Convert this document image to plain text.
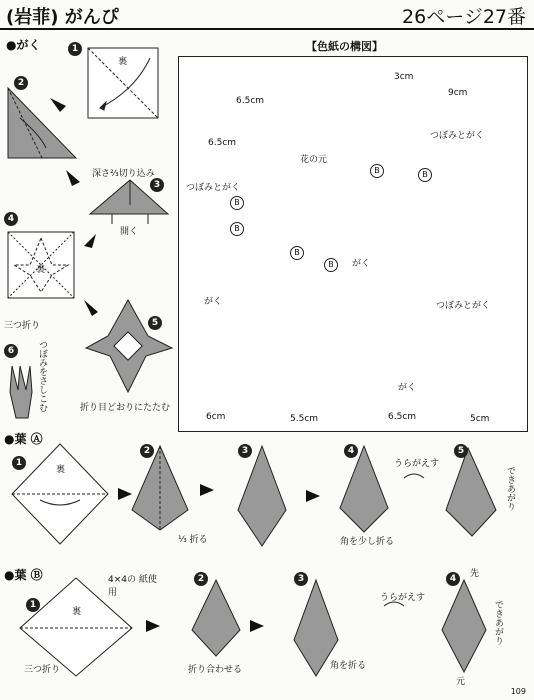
(岩菲) がんぴ	26ページ27番
●がく	1
2
3
4
5
6
裏
深さ⅔切り込み
開く
裏
三つ折り
折り目どおりにたたむ
つぼみをさしこむ
【色紙の構図】
3cm
9cm
6.5cm
6.5cm
6cm	5.5cm	6.5cm	5cm
花の元
つぼみとがく
つぼみとがく
つぼみとがく
がく
がく
がく
B
B
B
B
B
B
●葉 Ⓐ
1
2	3	4	5
裏
⅓ 折る	角を少し折る
うらがえす
できあがり
●葉 Ⓑ	4×4の 紙使用
1
2	3	4
裏
三つ折り	折り合わせる	角を折る
うらがえす
できあがり
先
元
109
